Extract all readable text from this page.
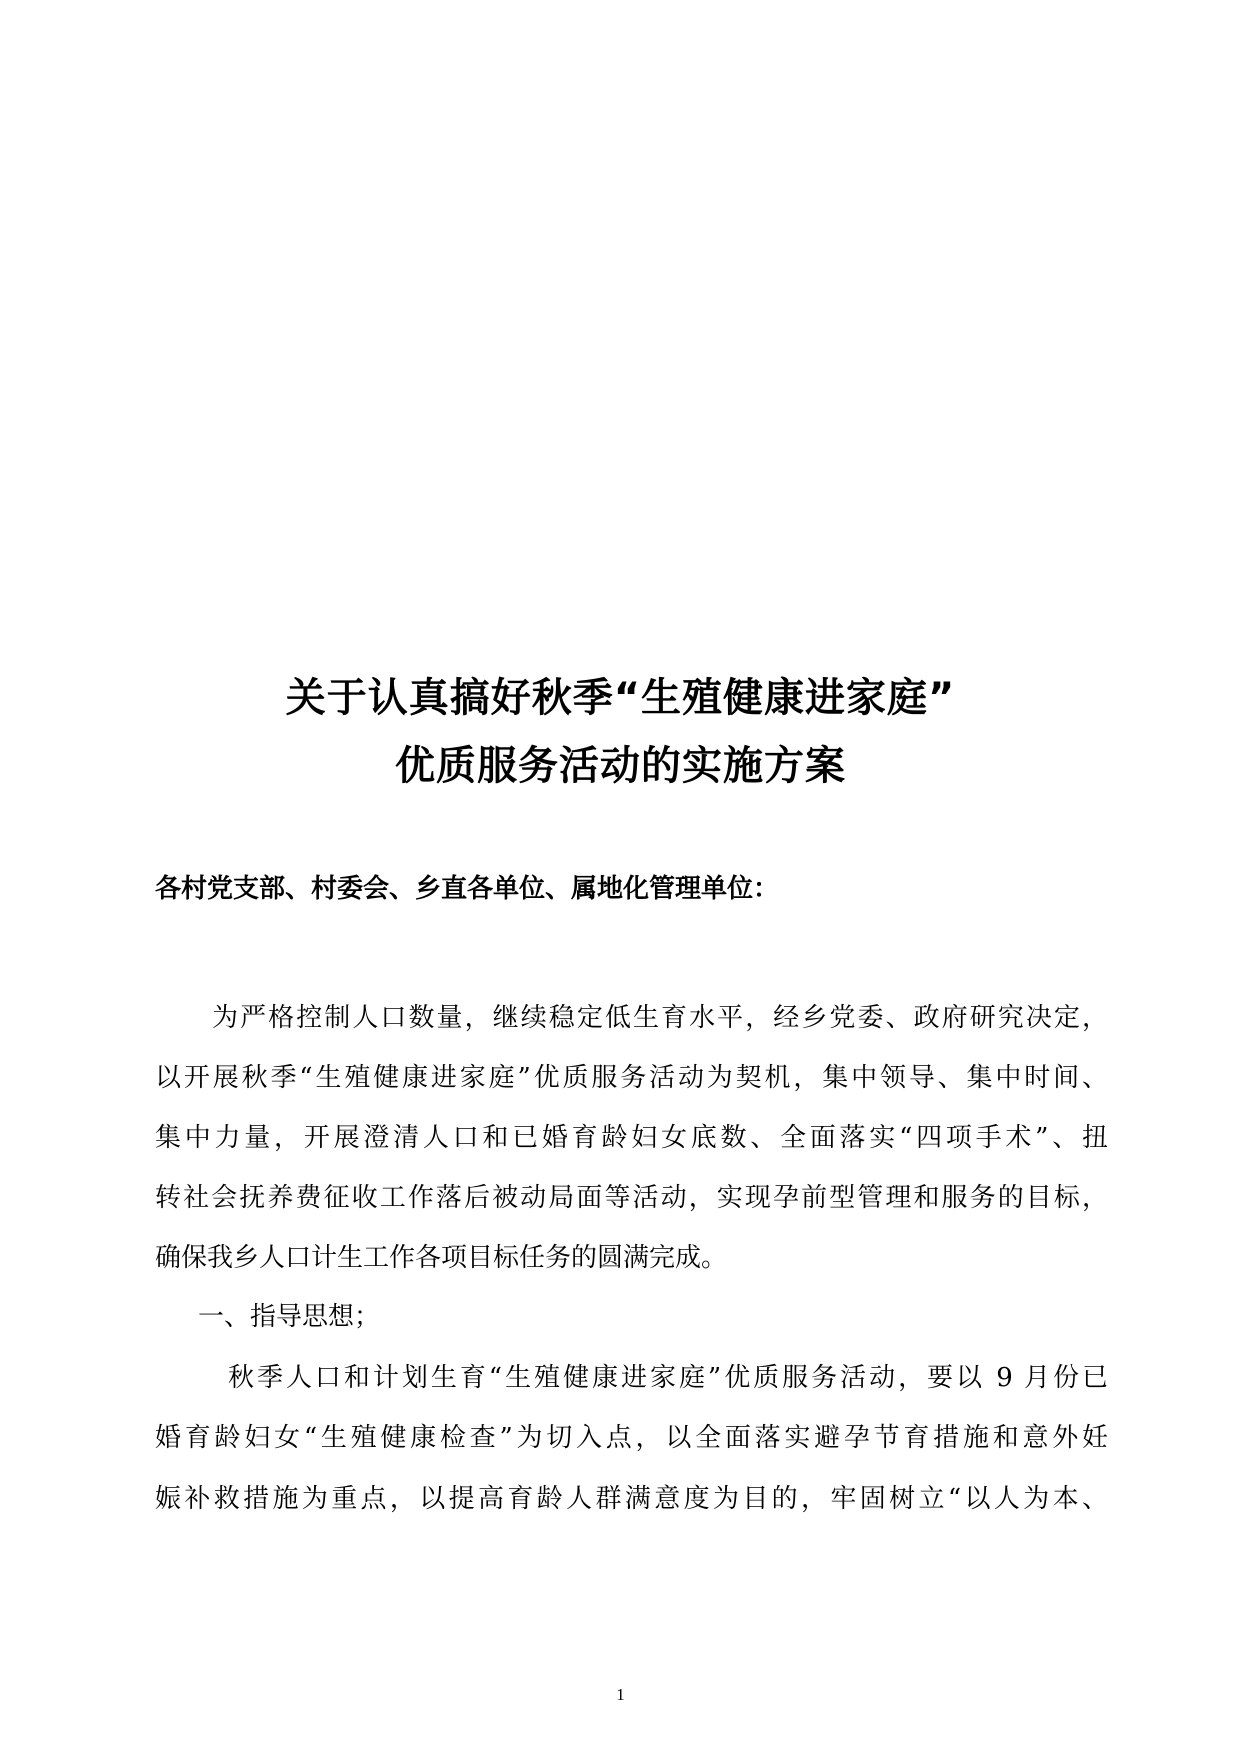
关于认真搞好秋季“生殖健康进家庭”
优质服务活动的实施方案
各村党支部、村委会、乡直各单位、属地化管理单位：
为严格控制人口数量，继续稳定低生育水平，经乡党委、政府研究决定，
以开展秋季“生殖健康进家庭”优质服务活动为契机，集中领导、集中时间、
集中力量，开展澄清人口和已婚育龄妇女底数、全面落实“四项手术”、扭
转社会抚养费征收工作落后被动局面等活动，实现孕前型管理和服务的目标，
确保我乡人口计生工作各项目标任务的圆满完成。
一、指导思想；
秋季人口和计划生育“生殖健康进家庭”优质服务活动，要以 9 月份已
婚育龄妇女“生殖健康检查”为切入点，以全面落实避孕节育措施和意外妊
娠补救措施为重点，以提高育龄人群满意度为目的，牢固树立“以人为本、
1
